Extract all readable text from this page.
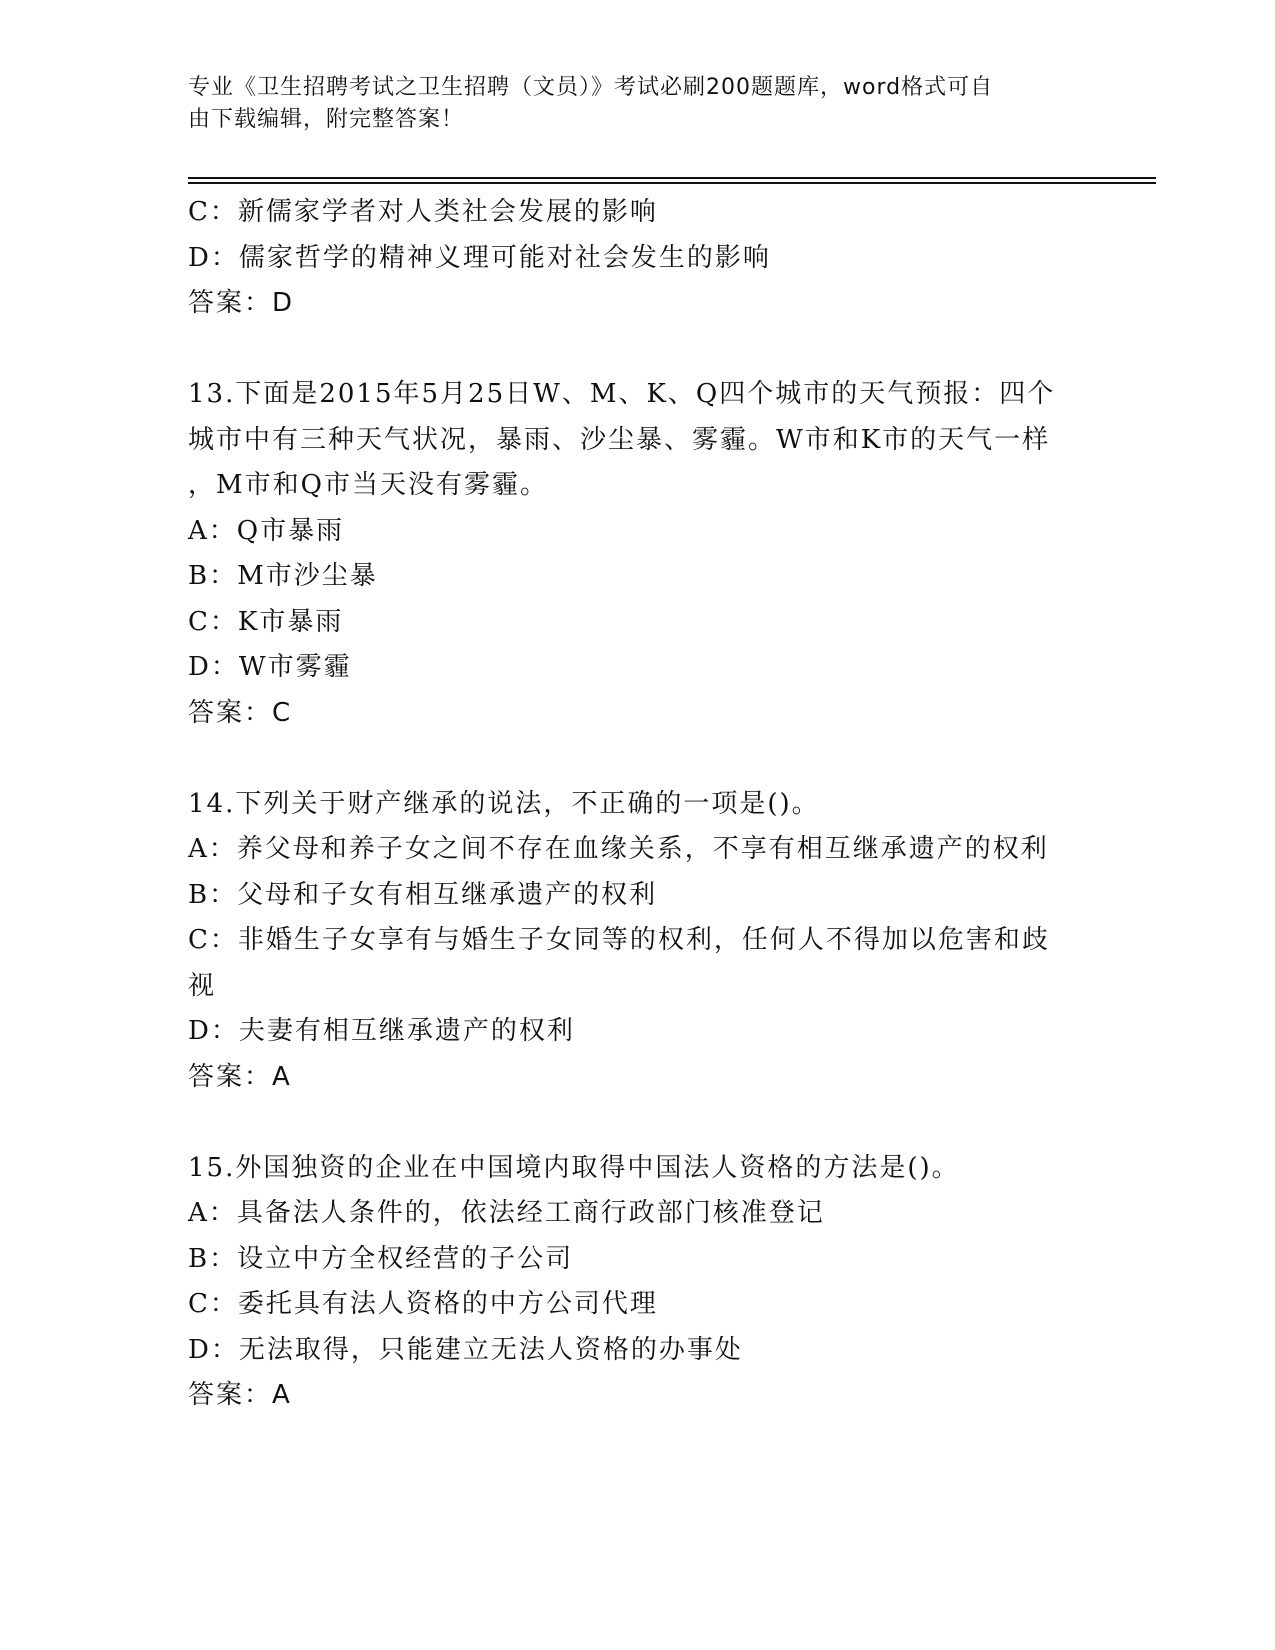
专业《卫生招聘考试之卫生招聘（文员）》考试必刷200题题库，word格式可自
由下载编辑，附完整答案！
C：新儒家学者对人类社会发展的影响
D：儒家哲学的精神义理可能对社会发生的影响
答案：D
13.下面是2015年5月25日W、M、K、Q四个城市的天气预报：四个
城市中有三种天气状况，暴雨、沙尘暴、雾霾。W市和K市的天气一样
，M市和Q市当天没有雾霾。
A：Q市暴雨
B：M市沙尘暴
C：K市暴雨
D：W市雾霾
答案：C
14.下列关于财产继承的说法，不正确的一项是()。
A：养父母和养子女之间不存在血缘关系，不享有相互继承遗产的权利
B：父母和子女有相互继承遗产的权利
C：非婚生子女享有与婚生子女同等的权利，任何人不得加以危害和歧
视
D：夫妻有相互继承遗产的权利
答案：A
15.外国独资的企业在中国境内取得中国法人资格的方法是()。
A：具备法人条件的，依法经工商行政部门核准登记
B：设立中方全权经营的子公司
C：委托具有法人资格的中方公司代理
D：无法取得，只能建立无法人资格的办事处
答案：A
